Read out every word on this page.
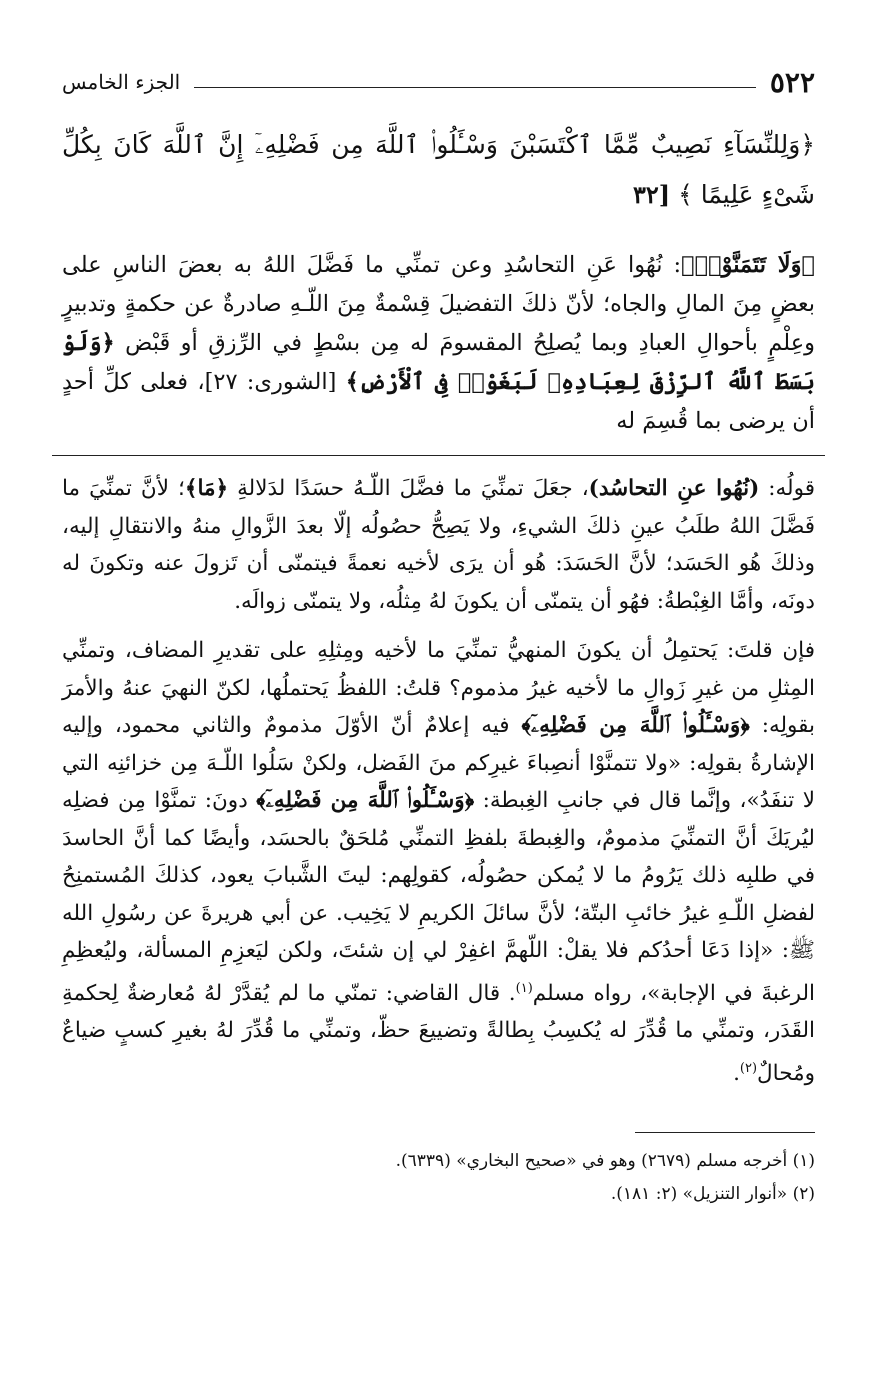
٥٢٢
الجزء الخامس
﴿وَلِلنِّسَآءِ نَصِيبٌ مِّمَّا ٱكْتَسَبْنَ وَسْـَٔلُوا۟ ٱللَّهَ مِن فَضْلِهِۦٓ إِنَّ ٱللَّهَ كَانَ بِكُلِّ شَىْءٍ عَلِيمًا ﴾ [٣٢

﴿وَلَا تَتَمَنَّوْا۟﴾: نُهُوا عَنِ التحاسُدِ وعن تمنِّي ما فَضَّلَ اللهُ به بعضَ الناسِ على بعضٍ مِنَ المالِ والجاه؛ لأنّ ذلكَ التفضيلَ قِسْمةٌ مِنَ اللّـهِ صادرةٌ عن حكمةٍ وتدبيرٍ وعِلْمٍ بأحوالِ العبادِ وبما يُصلِحُ المقسومَ له مِن بسْطٍ في الرِّزقِ أو قَبْض ﴿وَلَوْ بَسَطَ ٱللَّهُ ٱلرِّزْقَ لِعِبَادِهِۦ لَبَغَوْا۟ فِى ٱلْأَرْضِ﴾ [الشورى: ٢٧]، فعلى كلِّ أحدٍ أن يرضى بما قُسِمَ له

قولُه: (نُهُوا عنِ التحاسُد)، جعَلَ تمنِّيَ ما فضَّلَ اللّـهُ حسَدًا لدَلالةِ ﴿مَا﴾؛ لأنَّ تمنِّيَ ما فَضَّلَ اللهُ طلَبُ عينِ ذلكَ الشيءِ، ولا يَصِحُّ حصُولُه إلّا بعدَ الزَّوالِ منهُ والانتقالِ إليه، وذلكَ هُو الحَسَد؛ لأنَّ الحَسَدَ: هُو أن يرَى لأخيه نعمةً فيتمنّى أن تَزولَ عنه وتكونَ له دونَه، وأمَّا الغِبْطةُ: فهُو أن يتمنّى أن يكونَ لهُ مِثلُه، ولا يتمنّى زوالَه.

فإن قلتَ: يَحتمِلُ أن يكونَ المنهيُّ تمنِّيَ ما لأخيه ومِثلِهِ على تقديرِ المضاف، وتمنِّي المِثلِ من غيرِ زَوالِ ما لأخيه غيرُ مذموم؟ قلتُ: اللفظُ يَحتملُها، لكنّ النهيَ عنهُ والأمرَ بقولِه: ﴿وَسْـَٔلُوا۟ ٱللَّهَ مِن فَضْلِهِۦٓ﴾ فيه إعلامٌ أنّ الأوّلَ مذمومٌ والثاني محمود، وإليه الإشارةُ بقولِه: «ولا تتمنَّوْا أنصِباءَ غيرِكم منَ الفَضل، ولكنْ سَلُوا اللّـهَ مِن خزائنِه التي لا تنفَدُ»، وإنَّما قال في جانبِ الغِبطة: ﴿وَسْـَٔلُوا۟ ٱللَّهَ مِن فَضْلِهِۦٓ﴾ دونَ: تمنَّوْا مِن فضلِه ليُريَكَ أنَّ التمنِّيَ مذمومٌ، والغِبطةَ بلفظِ التمنِّي مُلحَقٌ بالحسَد، وأيضًا كما أنَّ الحاسدَ في طلبِه ذلك يَرُومُ ما لا يُمكن حصُولُه، كقولِهم: ليتَ الشَّبابَ يعود، كذلكَ المُستمنِحُ لفضلِ اللّـهِ غيرُ خائبِ البتّة؛ لأنَّ سائلَ الكريمِ لا يَخِيب. عن أبي هريرةَ عن رسُولِ الله ﷺ: «إذا دَعَا أحدُكم فلا يقلْ: اللّهمَّ اغفِرْ لي إن شئتَ، ولكن ليَعزِمِ المسألة، وليُعظِمِ الرغبةَ في الإجابة»، رواه مسلم$^{(١)}$. قال القاضي: تمنّي ما لم يُقدَّرْ لهُ مُعارضةٌ لِحكمةِ القَدَر، وتمنِّي ما قُدِّرَ له يُكسِبُ بِطالةً وتضييعَ حظّ، وتمنِّي ما قُدِّرَ لهُ بغيرِ كسبٍ ضياعٌ ومُحالٌ$^{(٢)}$.

(١) أخرجه مسلم (٢٦٧٩) وهو في «صحيح البخاري» (٦٣٣٩).

(٢) «أنوار التنزيل» (٢: ١٨١).
